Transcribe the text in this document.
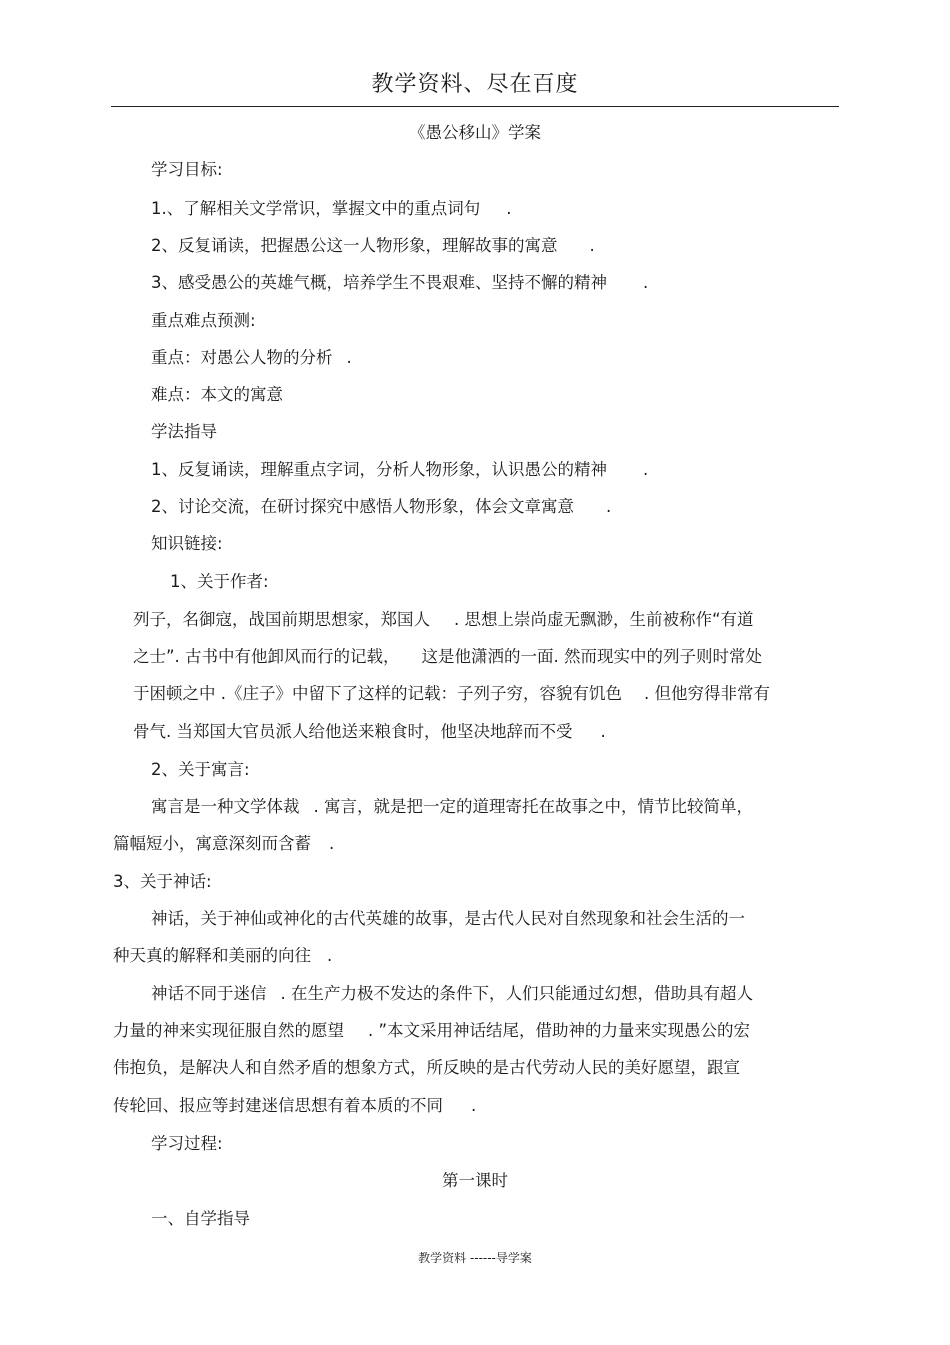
教学资料、尽在百度
《愚公移山》学案
学习目标:
1.、了解相关文学常识，掌握文中的重点词句 .
2、反复诵读，把握愚公这一人物形象，理解故事的寓意 .
3、感受愚公的英雄气概，培养学生不畏艰难、坚持不懈的精神 .
重点难点预测:
重点：对愚公人物的分析 .
难点：本文的寓意
学法指导
1、反复诵读，理解重点字词，分析人物形象，认识愚公的精神 .
2、讨论交流，在研讨探究中感悟人物形象，体会文章寓意 .
知识链接:
1、关于作者:
列子，名御寇，战国前期思想家，郑国人 . 思想上崇尚虚无飘渺，生前被称作“有道
之士”. 古书中有他卸风而行的记载， 这是他潇洒的一面. 然而现实中的列子则时常处
于困顿之中 .《庄子》中留下了这样的记载：子列子穷，容貌有饥色 . 但他穷得非常有
骨气. 当郑国大官员派人给他送来粮食时，他坚决地辞而不受 .
2、关于寓言:
寓言是一种文学体裁 . 寓言，就是把一定的道理寄托在故事之中，情节比较简单，
篇幅短小，寓意深刻而含蓄 .
3、关于神话:
神话，关于神仙或神化的古代英雄的故事，是古代人民对自然现象和社会生活的一
种天真的解释和美丽的向往 .
神话不同于迷信 . 在生产力极不发达的条件下，人们只能通过幻想，借助具有超人
力量的神来实现征服自然的愿望 . ”本文采用神话结尾，借助神的力量来实现愚公的宏
伟抱负，是解决人和自然矛盾的想象方式，所反映的是古代劳动人民的美好愿望，跟宣
传轮回、报应等封建迷信思想有着本质的不同 .
学习过程:
第一课时
一、自学指导
教学资料 ------导学案
